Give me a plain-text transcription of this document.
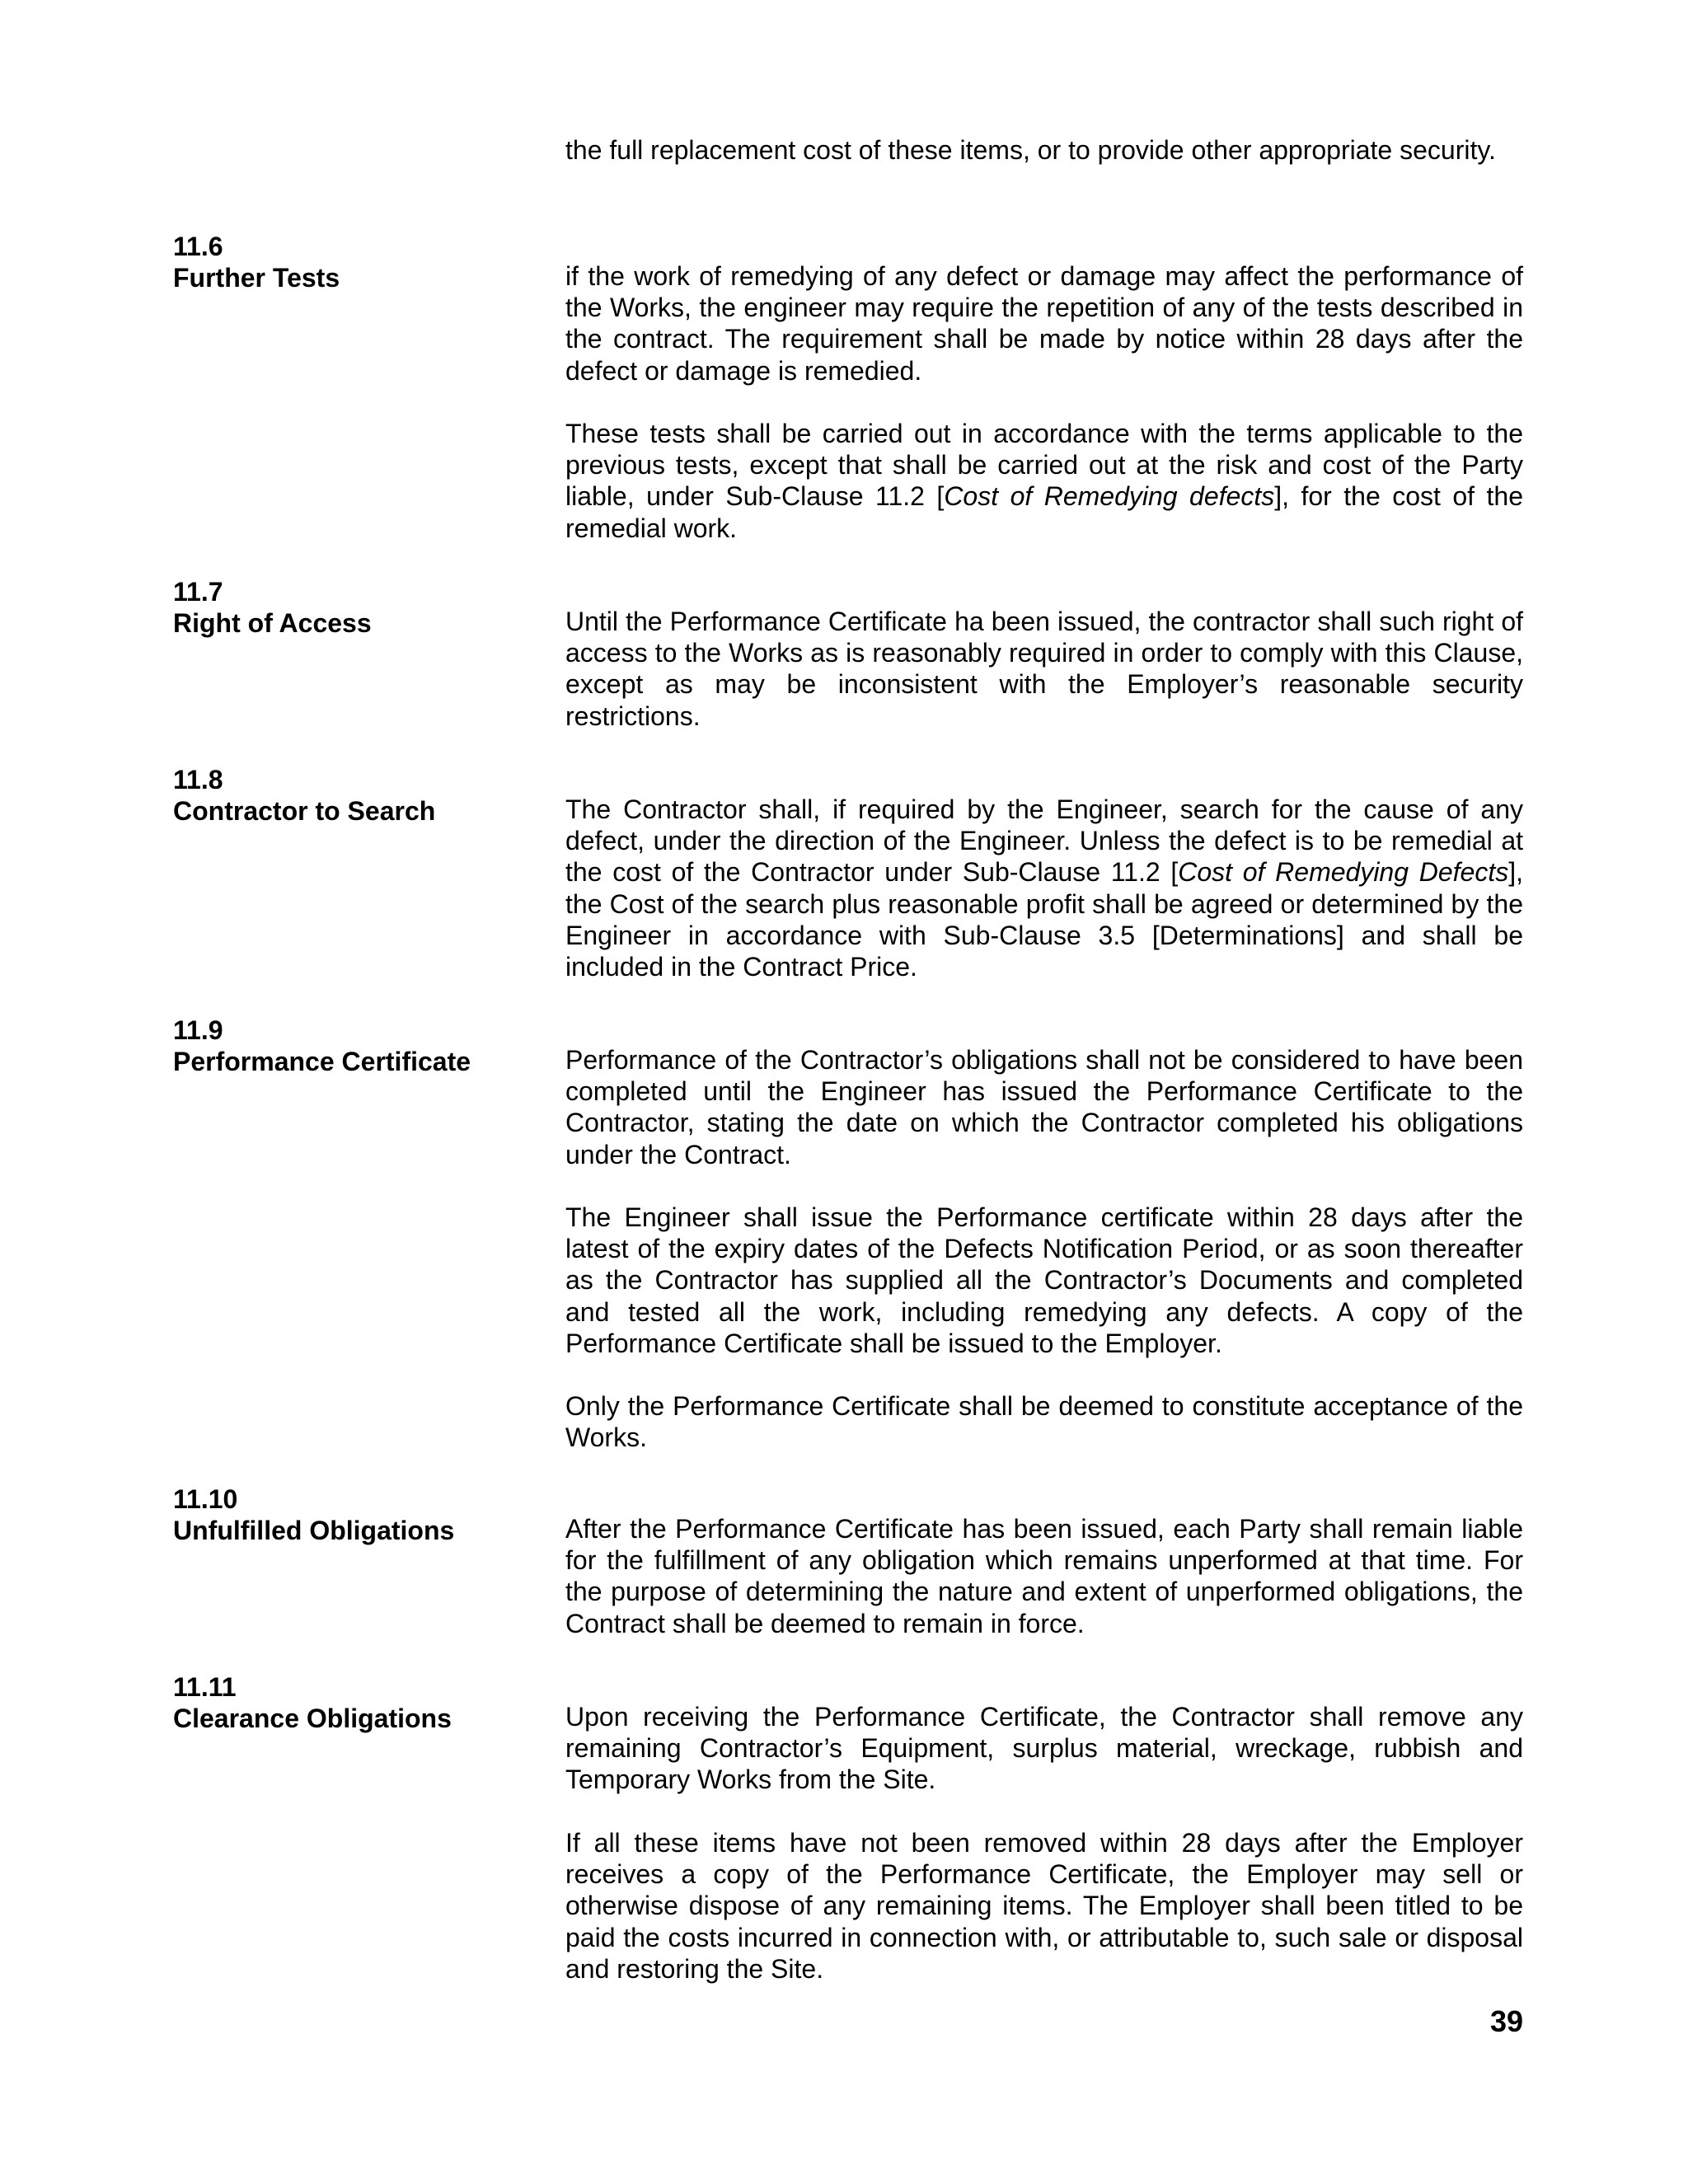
the full replacement cost of these items, or to provide other appropriate security.

11.6
Further Tests	if the work of remedying of any defect or damage may affect the performance of the Works, the engineer may require the repetition of any of the tests described in the contract. The requirement shall be made by notice within 28 days after the defect or damage is remedied.

These tests shall be carried out in accordance with the terms applicable to the previous tests, except that shall be carried out at the risk and cost of the Party liable, under Sub-Clause 11.2 [Cost of Remedying defects], for the cost of the remedial work.

11.7
Right of Access	Until the Performance Certificate ha been issued, the contractor shall such right of access to the Works as is reasonably required in order to comply with this Clause, except as may be inconsistent with the Employer’s reasonable security restrictions.

11.8
Contractor to Search	The Contractor shall, if required by the Engineer, search for the cause of any defect, under the direction of the Engineer. Unless the defect is to be remedial at the cost of the Contractor under Sub-Clause 11.2 [Cost of Remedying Defects], the Cost of the search plus reasonable profit shall be agreed or determined by the Engineer in accordance with Sub-Clause 3.5 [Determinations] and shall be included in the Contract Price.

11.9
Performance Certificate	Performance of the Contractor’s obligations shall not be considered to have been completed until the Engineer has issued the Performance Certificate to the Contractor, stating the date on which the Contractor completed his obligations under the Contract.

The Engineer shall issue the Performance certificate within 28 days after the latest of the expiry dates of the Defects Notification Period, or as soon thereafter as the Contractor has supplied all the Contractor’s Documents and completed and tested all the work, including remedying any defects. A copy of the Performance Certificate shall be issued to the Employer.

Only the Performance Certificate shall be deemed to constitute acceptance of the Works.

11.10
Unfulfilled Obligations	After the Performance Certificate has been issued, each Party shall remain liable for the fulfillment of any obligation which remains unperformed at that time. For the purpose of determining the nature and extent of unperformed obligations, the Contract shall be deemed to remain in force.

11.11
Clearance Obligations	Upon receiving the Performance Certificate, the Contractor shall remove any remaining Contractor’s Equipment, surplus material, wreckage, rubbish and Temporary Works from the Site.

If all these items have not been removed within 28 days after the Employer receives a copy of the Performance Certificate, the Employer may sell or otherwise dispose of any remaining items. The Employer shall been titled to be paid the costs incurred in connection with, or attributable to, such sale or disposal and restoring the Site.

39
